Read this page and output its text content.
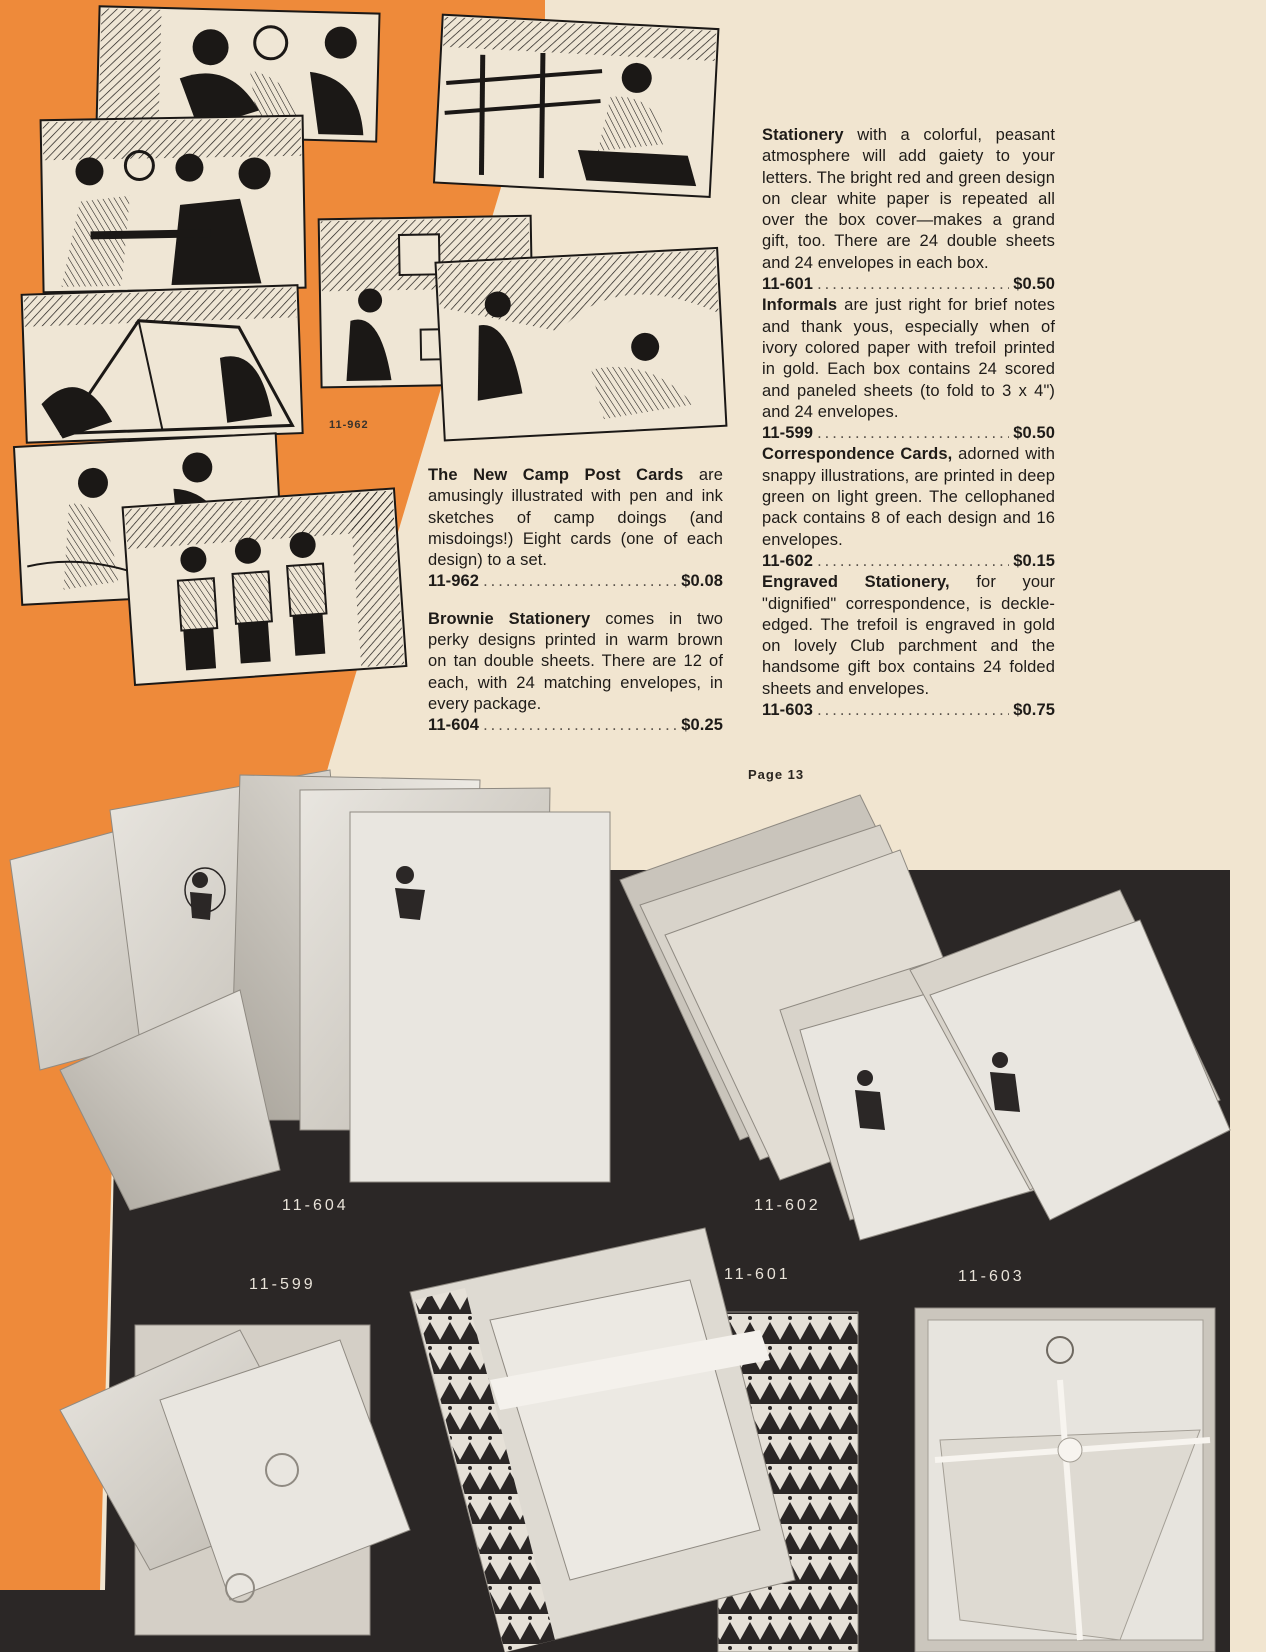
11-962

The New Camp Post Cards are amusingly illustrated with pen and ink sketches of camp doings (and misdoings!) Eight cards (one of each design) to a set.

11-962 .....	$0.08

Brownie Stationery comes in two perky designs printed in warm brown on tan double sheets. There are 12 of each, with 24 matching envelopes, in every package.

11-604 .....	$0.25

Stationery with a colorful, peasant atmosphere will add gaiety to your letters. The bright red and green design on clear white paper is repeated all over the box cover—makes a grand gift, too. There are 24 double sheets and 24 envelopes in each box.

11-601 .....	$0.50

Informals are just right for brief notes and thank yous, especially when of ivory colored paper with trefoil printed in gold. Each box contains 24 scored and paneled sheets (to fold to 3 x 4") and 24 envelopes.

11-599 .....	$0.50

Correspondence Cards, adorned with snappy illustrations, are printed in deep green on light green. The cellophaned pack contains 8 of each design and 16 envelopes.

11-602 .....	$0.15

Engraved Stationery, for your "dignified" correspondence, is deckle-edged. The trefoil is engraved in gold on lovely Club parchment and the handsome gift box contains 24 folded sheets and envelopes.

11-603 .....	$0.75
Page 13
11-604	11-602
11-599
11-601	11-603
